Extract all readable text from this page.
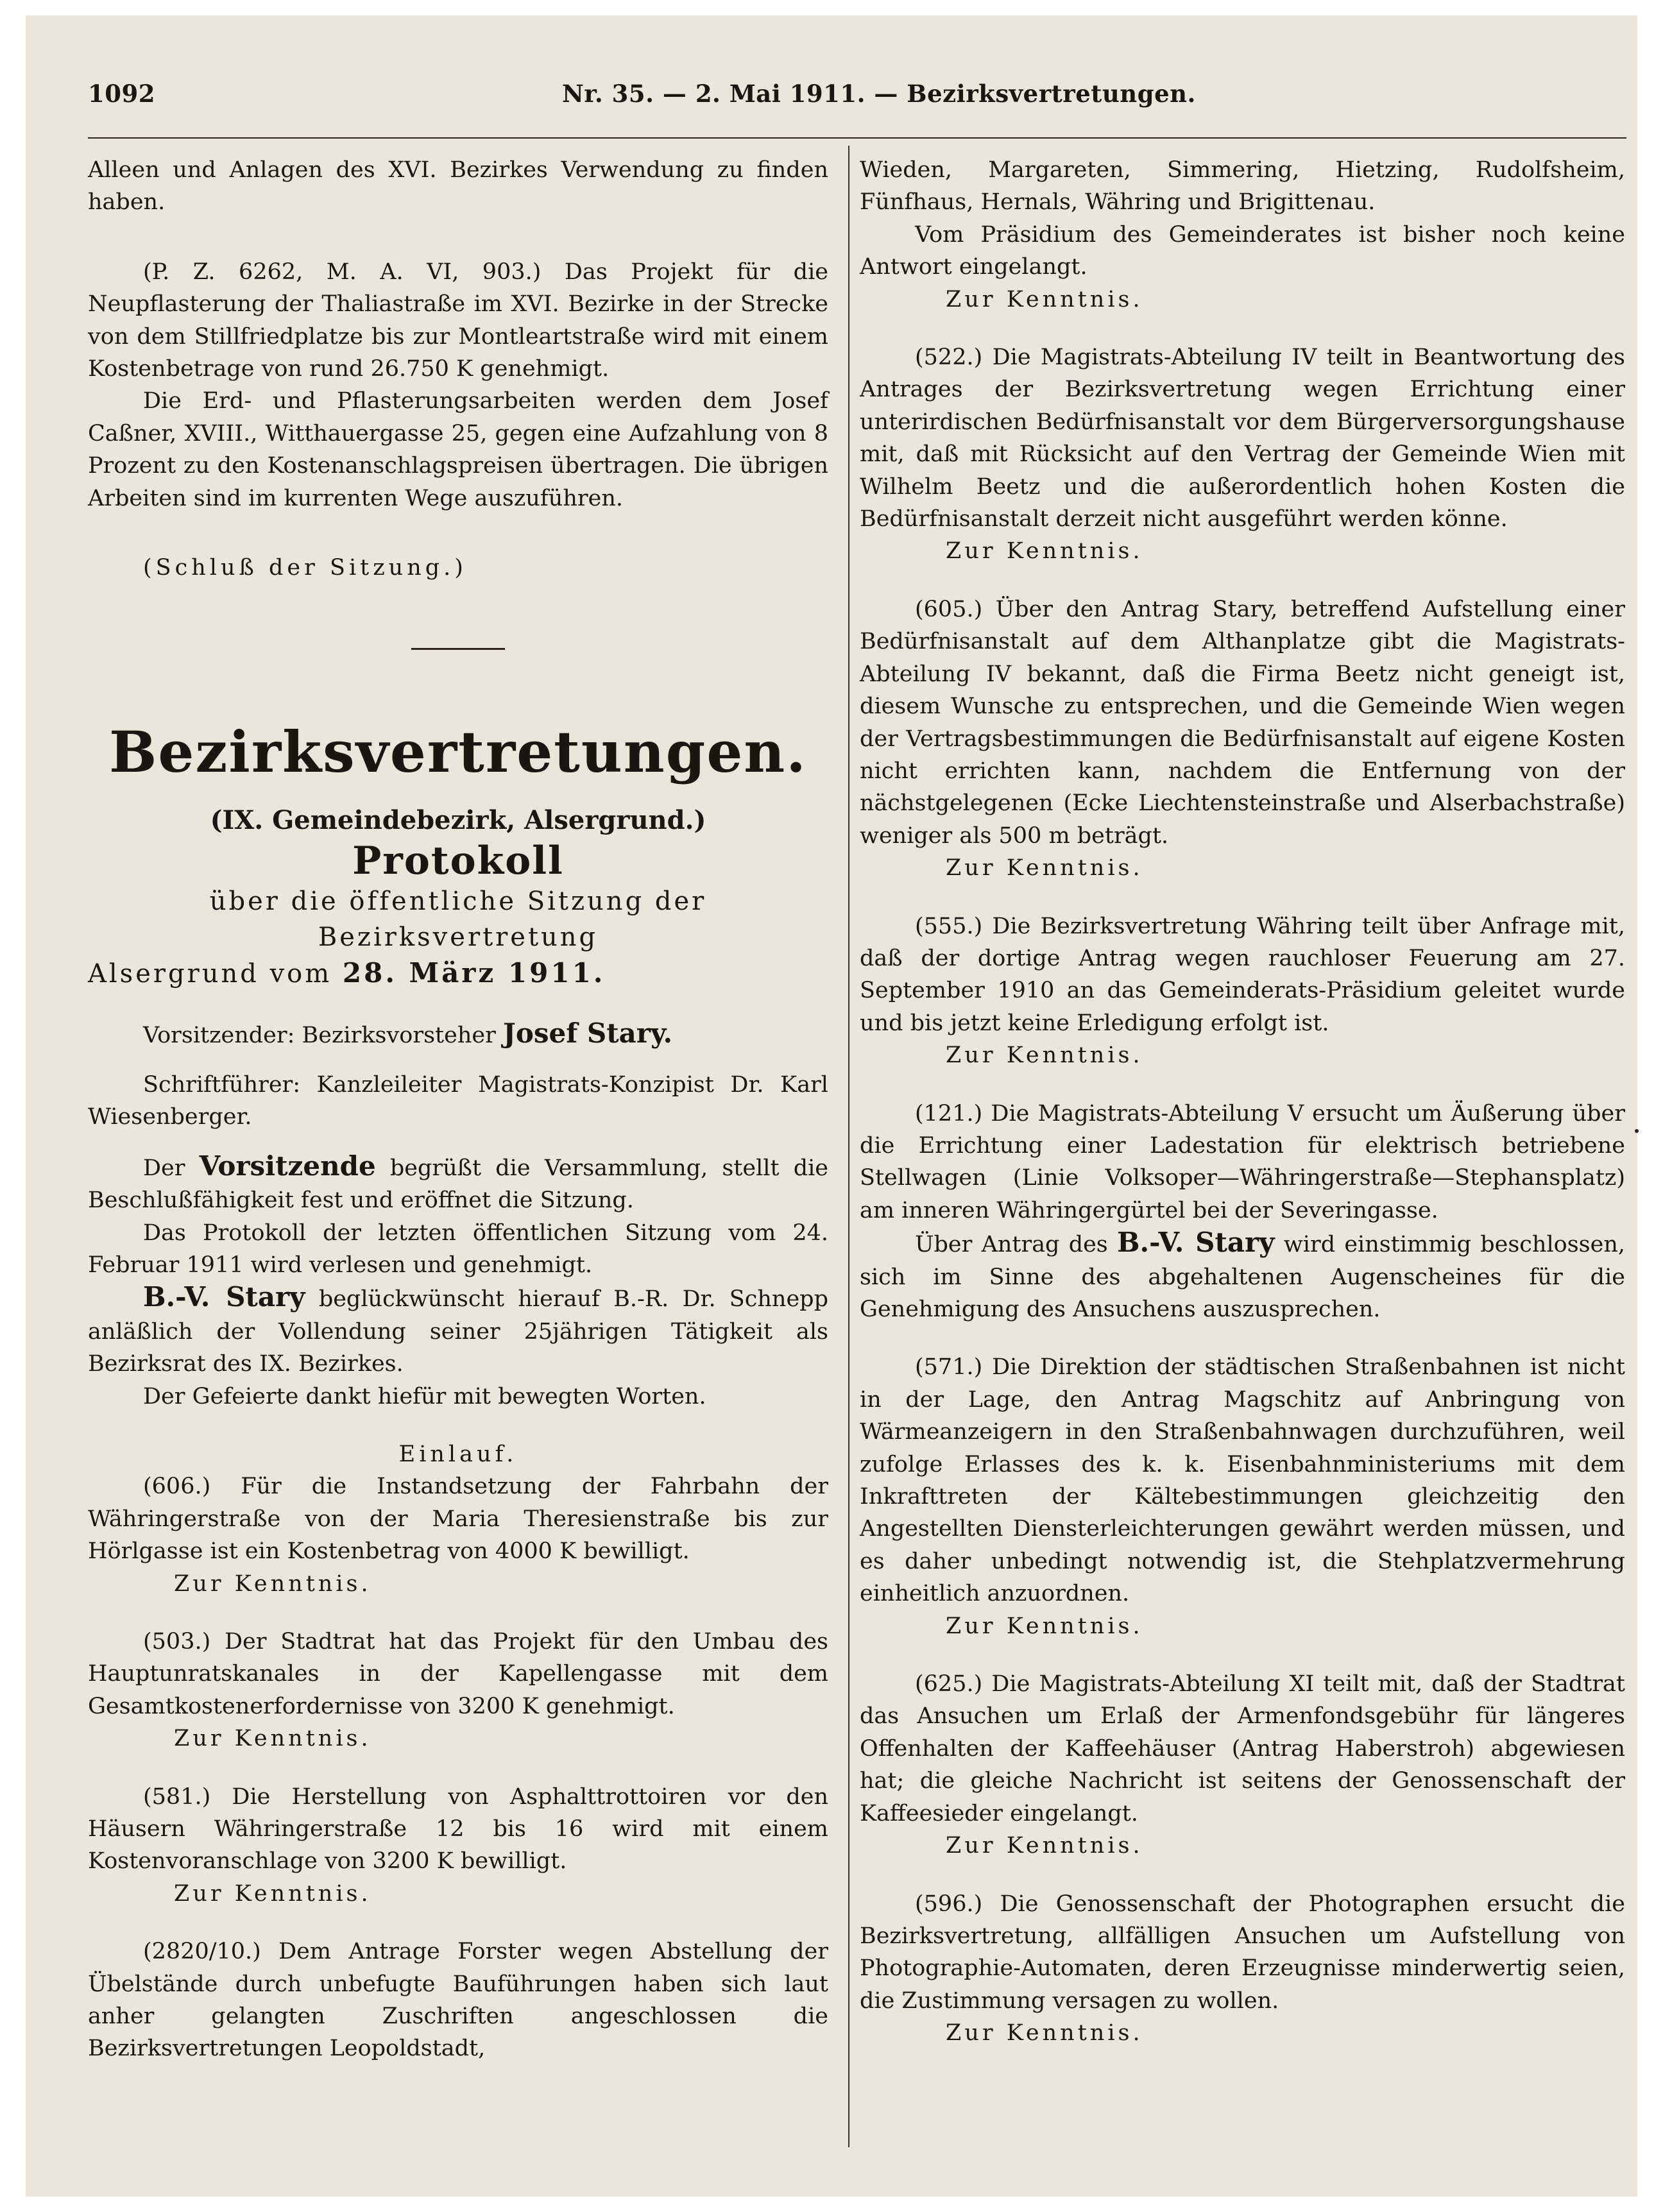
1092	Nr. 35. — 2. Mai 1911. — Bezirksvertretungen.

Alleen und Anlagen des XVI. Bezirkes Verwendung zu finden haben.

(P. Z. 6262, M. A. VI, 903.) Das Projekt für die Neupflasterung der Thaliastraße im XVI. Bezirke in der Strecke von dem Stillfriedplatze bis zur Montleartstraße wird mit einem Kostenbetrage von rund 26.750 K genehmigt.

Die Erd- und Pflasterungsarbeiten werden dem Josef Caßner, XVIII., Witthauergasse 25, gegen eine Aufzahlung von 8 Prozent zu den Kostenanschlagspreisen übertragen. Die übrigen Arbeiten sind im kurrenten Wege auszuführen.

(Schluß der Sitzung.)

Bezirksvertretungen.

(IX. Gemeindebezirk, Alsergrund.)

Protokoll

über die öffentliche Sitzung der Bezirksvertretung

Alsergrund vom 28. März 1911.

Vorsitzender: Bezirksvorsteher Josef Stary.

Schriftführer: Kanzleileiter Magistrats-Konzipist Dr. Karl Wiesenberger.

Der Vorsitzende begrüßt die Versammlung, stellt die Beschlußfähigkeit fest und eröffnet die Sitzung.

Das Protokoll der letzten öffentlichen Sitzung vom 24. Februar 1911 wird verlesen und genehmigt.

B.-V. Stary beglückwünscht hierauf B.-R. Dr. Schnepp anläßlich der Vollendung seiner 25jährigen Tätigkeit als Bezirksrat des IX. Bezirkes.

Der Gefeierte dankt hiefür mit bewegten Worten.

Einlauf.

(606.) Für die Instandsetzung der Fahrbahn der Währingerstraße von der Maria Theresienstraße bis zur Hörlgasse ist ein Kostenbetrag von 4000 K bewilligt.

Zur Kenntnis.

(503.) Der Stadtrat hat das Projekt für den Umbau des Hauptunratskanales in der Kapellengasse mit dem Gesamtkostenerfordernisse von 3200 K genehmigt.

Zur Kenntnis.

(581.) Die Herstellung von Asphalttrottoiren vor den Häusern Währingerstraße 12 bis 16 wird mit einem Kostenvoranschlage von 3200 K bewilligt.

Zur Kenntnis.

(2820/10.) Dem Antrage Forster wegen Abstellung der Übelstände durch unbefugte Bauführungen haben sich laut anher gelangten Zuschriften angeschlossen die Bezirksvertretungen Leopoldstadt,

Wieden, Margareten, Simmering, Hietzing, Rudolfsheim, Fünfhaus, Hernals, Währing und Brigittenau.

Vom Präsidium des Gemeinderates ist bisher noch keine Antwort eingelangt.

Zur Kenntnis.

(522.) Die Magistrats-Abteilung IV teilt in Beantwortung des Antrages der Bezirksvertretung wegen Errichtung einer unterirdischen Bedürfnisanstalt vor dem Bürgerversorgungshause mit, daß mit Rücksicht auf den Vertrag der Gemeinde Wien mit Wilhelm Beetz und die außerordentlich hohen Kosten die Bedürfnisanstalt derzeit nicht ausgeführt werden könne.

Zur Kenntnis.

(605.) Über den Antrag Stary, betreffend Aufstellung einer Bedürfnisanstalt auf dem Althanplatze gibt die Magistrats-Abteilung IV bekannt, daß die Firma Beetz nicht geneigt ist, diesem Wunsche zu entsprechen, und die Gemeinde Wien wegen der Vertragsbestimmungen die Bedürfnisanstalt auf eigene Kosten nicht errichten kann, nachdem die Entfernung von der nächstgelegenen (Ecke Liechtensteinstraße und Alserbachstraße) weniger als 500 m beträgt.

Zur Kenntnis.

(555.) Die Bezirksvertretung Währing teilt über Anfrage mit, daß der dortige Antrag wegen rauchloser Feuerung am 27. September 1910 an das Gemeinderats-Präsidium geleitet wurde und bis jetzt keine Erledigung erfolgt ist.

Zur Kenntnis.

(121.) Die Magistrats-Abteilung V ersucht um Äußerung über die Errichtung einer Ladestation für elektrisch betriebene Stellwagen (Linie Volksoper—Währingerstraße—Stephansplatz) am inneren Währingergürtel bei der Severingasse.

Über Antrag des B.-V. Stary wird einstimmig beschlossen, sich im Sinne des abgehaltenen Augenscheines für die Genehmigung des Ansuchens auszusprechen.

(571.) Die Direktion der städtischen Straßenbahnen ist nicht in der Lage, den Antrag Magschitz auf Anbringung von Wärmeanzeigern in den Straßenbahnwagen durchzuführen, weil zufolge Erlasses des k. k. Eisenbahnministeriums mit dem Inkrafttreten der Kältebestimmungen gleichzeitig den Angestellten Diensterleichterungen gewährt werden müssen, und es daher unbedingt notwendig ist, die Stehplatzvermehrung einheitlich anzuordnen.

Zur Kenntnis.

(625.) Die Magistrats-Abteilung XI teilt mit, daß der Stadtrat das Ansuchen um Erlaß der Armenfondsgebühr für längeres Offenhalten der Kaffeehäuser (Antrag Haberstroh) abgewiesen hat; die gleiche Nachricht ist seitens der Genossenschaft der Kaffeesieder eingelangt.

Zur Kenntnis.

(596.) Die Genossenschaft der Photographen ersucht die Bezirksvertretung, allfälligen Ansuchen um Aufstellung von Photographie-Automaten, deren Erzeugnisse minderwertig seien, die Zustimmung versagen zu wollen.

Zur Kenntnis.
